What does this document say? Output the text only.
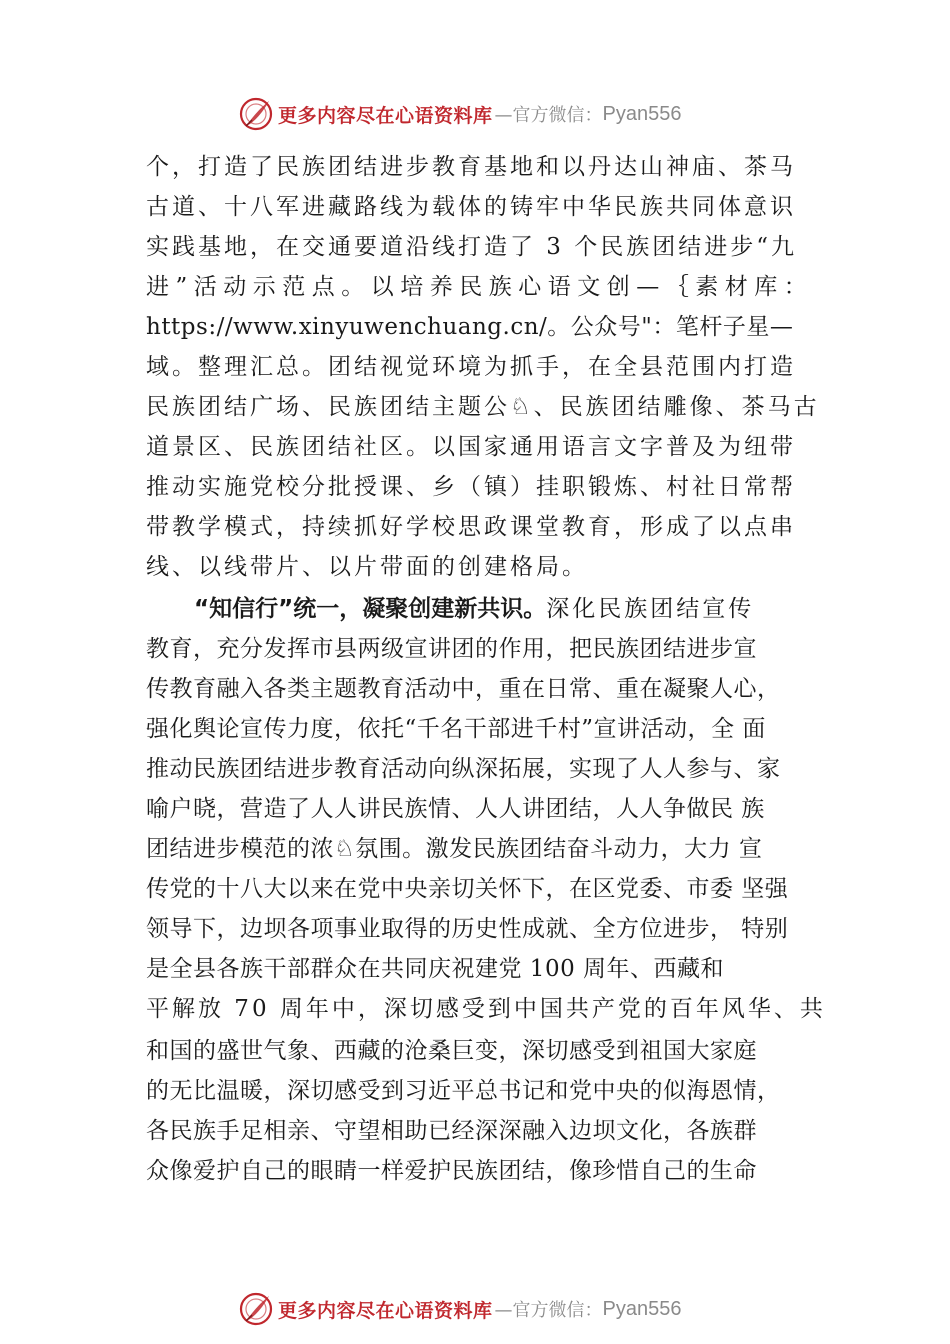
更多内容尽在心语资料库 —官方微信： Pyan556
个，打造了民族团结进步教育基地和以丹达山神庙、茶马
古道、十八军进藏路线为载体的铸牢中华民族共同体意识
实践基地，在交通要道沿线打造了 3 个民族团结进步“九
进”活动示范点。以培养民族心语文创—｛素材库：
https://www.xinyuwenchuang.cn/。公众号"：笔杆子星—
域。整理汇总。团结视觉环境为抓手，在全县范围内打造
民族团结广场、民族团结主题公♘、民族团结雕像、茶马古
道景区、民族团结社区。以国家通用语言文字普及为纽带
推动实施党校分批授课、乡（镇）挂职锻炼、村社日常帮
带教学模式，持续抓好学校思政课堂教育，形成了以点串
线、以线带片、以片带面的创建格局。
“知信行”统一，凝聚创建新共识。深化民族团结宣传
教育，充分发挥市县两级宣讲团的作用，把民族团结进步宣
传教育融入各类主题教育活动中，重在日常、重在凝聚人心，
强化舆论宣传力度，依托“千名干部进千村”宣讲活动，全 面
推动民族团结进步教育活动向纵深拓展，实现了人人参与、家
喻户晓，营造了人人讲民族情、人人讲团结，人人争做民 族
团结进步模范的浓♘氛围。激发民族团结奋斗动力，大力 宣
传党的十八大以来在党中央亲切关怀下，在区党委、市委 坚强
领导下，边坝各项事业取得的历史性成就、全方位进步， 特别
是全县各族干部群众在共同庆祝建党 100 周年、西藏和
平解放 70 周年中，深切感受到中国共产党的百年风华、共
和国的盛世气象、西藏的沧桑巨变，深切感受到祖国大家庭
的无比温暖，深切感受到习近平总书记和党中央的似海恩情，
各民族手足相亲、守望相助已经深深融入边坝文化，各族群
众像爱护自己的眼睛一样爱护民族团结，像珍惜自己的生命
更多内容尽在心语资料库 —官方微信： Pyan556
